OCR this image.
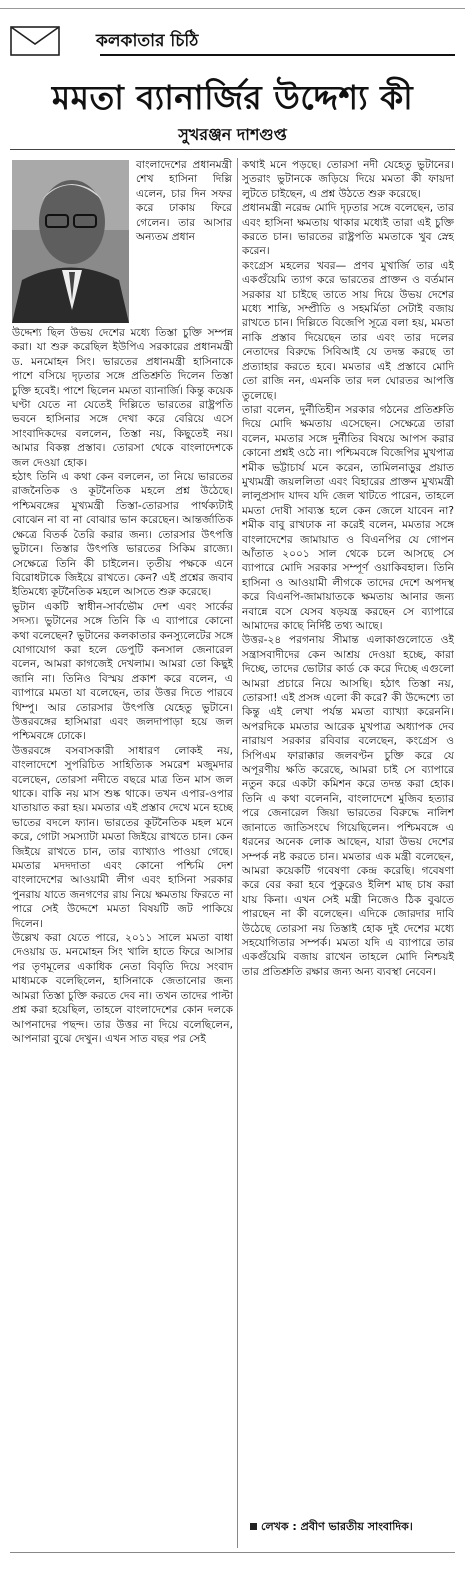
কলকাতার চিঠি
মমতা ব্যানার্জির উদ্দেশ্য কী
সুখরঞ্জন দাশগুপ্ত

বাংলাদেশের প্রধানমন্ত্রী শেখ হাসিনা দিল্লি এলেন, চার দিন সফর করে ঢাকায় ফিরে গেলেন। তার আসার অন্যতম প্রধান

উদ্দেশ্য ছিল উভয় দেশের মধ্যে তিস্তা চুক্তি সম্পন্ন করা। যা শুরু করেছিল ইউপিএ সরকারের প্রধানমন্ত্রী ড. মনমোহন সিং। ভারতের প্রধানমন্ত্রী হাসিনাকে পাশে বসিয়ে দৃঢ়তার সঙ্গে প্রতিশ্রুতি দিলেন তিস্তা চুক্তি হবেই। পাশে ছিলেন মমতা ব্যানার্জি। কিন্তু কয়েক ঘণ্টা যেতে না যেতেই দিল্লিতে ভারতের রাষ্ট্রপতি ভবনে হাসিনার সঙ্গে দেখা করে বেরিয়ে এসে সাংবাদিকদের বললেন, তিস্তা নয়, কিছুতেই নয়। আমার বিকল্প প্রস্তাব। তোরসা থেকে বাংলাদেশকে জল দেওয়া হোক।

হঠাৎ তিনি এ কথা কেন বললেন, তা নিয়ে ভারতের রাজনৈতিক ও কূটনৈতিক মহলে প্রশ্ন উঠেছে। পশ্চিমবঙ্গের মুখ্যমন্ত্রী তিস্তা-তোরসার পার্থক্যটাই বোঝেন না বা না বোঝার ভান করেছেন। আন্তর্জাতিক ক্ষেত্রে বিতর্ক তৈরি করার জন্য। তোরসার উৎপত্তি ভুটানে। তিস্তার উৎপত্তি ভারতের সিকিম রাজ্যে। সেক্ষেত্রে তিনি কী চাইলেন। তৃতীয় পক্ষকে এনে বিরোধটাকে জিইয়ে রাখতে। কেন? এই প্রশ্নের জবাব ইতিমধ্যে কূটনৈতিক মহলে আসতে শুরু করেছে।

ভুটান একটি স্বাধীন-সার্বভৌম দেশ এবং সার্কের সদস্য। ভুটানের সঙ্গে তিনি কি এ ব্যাপারে কোনো কথা বলেছেন? ভুটানের কলকাতার কনস্যুলেটের সঙ্গে যোগাযোগ করা হলে ডেপুটি কনসাল জেনারেল বলেন, আমরা কাগজেই দেখলাম। আমরা তো কিছুই জানি না। তিনিও বিস্ময় প্রকাশ করে বলেন, এ ব্যাপারে মমতা যা বলেছেন, তার উত্তর দিতে পারবে থিম্পু। আর তোরসার উৎপত্তি যেহেতু ভুটানে। উত্তরবঙ্গের হাসিমারা এবং জলদাপাড়া হয়ে জল পশ্চিমবঙ্গে ঢোকে।

উত্তরবঙ্গে বসবাসকারী সাধারণ লোকই নয়, বাংলাদেশে সুপরিচিত সাহিত্যিক সমরেশ মজুমদার বলেছেন, তোরসা নদীতে বছরে মাত্র তিন মাস জল থাকে। বাকি নয় মাস শুষ্ক থাকে। তখন এপার-ওপার যাতায়াত করা হয়। মমতার এই প্রস্তাব দেখে মনে হচ্ছে ভাতের বদলে ফ্যান। ভারতের কূটনৈতিক মহল মনে করে, গোটা সমস্যাটা মমতা জিইয়ে রাখতে চান। কেন জিইয়ে রাখতে চান, তার ব্যাখ্যাও পাওয়া গেছে। মমতার মদদদাতা এবং কোনো পশ্চিমি দেশ বাংলাদেশের আওয়ামী লীগ এবং হাসিনা সরকার পুনরায় যাতে জনগণের রায় নিয়ে ক্ষমতায় ফিরতে না পারে সেই উদ্দেশে মমতা বিষয়টি জট পাকিয়ে দিলেন।

উল্লেখ করা যেতে পারে, ২০১১ সালে মমতা বাধা দেওয়ায় ড. মনমোহন সিং খালি হাতে ফিরে আসার পর তৃণমূলের একাধিক নেতা বিবৃতি দিয়ে সংবাদ মাধ্যমকে বলেছিলেন, হাসিনাকে জেতানোর জন্য আমরা তিস্তা চুক্তি করতে দেব না। তখন তাদের পাল্টা প্রশ্ন করা হয়েছিল, তাহলে বাংলাদেশের কোন দলকে আপনাদের পছন্দ। তার উত্তর না দিয়ে বলেছিলেন, আপনারা বুঝে দেখুন। এখন সাত বছর পর সেই

কথাই মনে পড়ছে। তোরসা নদী যেহেতু ভুটানের। সুতরাং ভুটানকে জড়িয়ে দিয়ে মমতা কী ফায়দা লুটতে চাইছেন, এ প্রশ্ন উঠতে শুরু করেছে।

প্রধানমন্ত্রী নরেন্দ্র মোদি দৃঢ়তার সঙ্গে বলেছেন, তার এবং হাসিনা ক্ষমতায় থাকার মধ্যেই তারা এই চুক্তি করতে চান। ভারতের রাষ্ট্রপতি মমতাকে খুব স্নেহ করেন।

কংগ্রেস মহলের খবর— প্রণব মুখার্জি তার এই একগুঁয়েমি ত্যাগ করে ভারতের প্রাক্তন ও বর্তমান সরকার যা চাইছে তাতে সায় দিয়ে উভয় দেশের মধ্যে শান্তি, সম্প্রীতি ও সহমর্মিতা সেটাই বজায় রাখতে চান। দিল্লিতে বিজেপি সূত্রে বলা হয়, মমতা নাকি প্রস্তাব দিয়েছেন তার এবং তার দলের নেতাদের বিরুদ্ধে সিবিআই যে তদন্ত করছে তা প্রত্যাহার করতে হবে। মমতার এই প্রস্তাবে মোদি তো রাজি নন, এমনকি তার দল ঘোরতর আপত্তি তুলেছে।

তারা বলেন, দুর্নীতিহীন সরকার গঠনের প্রতিশ্রুতি দিয়ে মোদি ক্ষমতায় এসেছেন। সেক্ষেত্রে তারা বলেন, মমতার সঙ্গে দুর্নীতির বিষয়ে আপস করার কোনো প্রশ্নই ওঠে না। পশ্চিমবঙ্গে বিজেপির মুখপাত্র শমীক ভট্টাচার্য মনে করেন, তামিলনাড়ুর প্রয়াত মুখ্যমন্ত্রী জয়ললিতা এবং বিহারের প্রাক্তন মুখ্যমন্ত্রী লালুপ্রসাদ যাদব যদি জেল খাটতে পারেন, তাহলে মমতা দোষী সাব্যস্ত হলে কেন জেলে যাবেন না? শমীক বাবু রাখঢাক না করেই বলেন, মমতার সঙ্গে বাংলাদেশের জামায়াত ও বিএনপির যে গোপন আঁতাত ২০০১ সাল থেকে চলে আসছে সে ব্যাপারে মোদি সরকার সম্পূর্ণ ওয়াকিবহাল। তিনি হাসিনা ও আওয়ামী লীগকে তাদের দেশে অপদস্থ করে বিএনপি-জামায়াতকে ক্ষমতায় আনার জন্য নবান্নে বসে যেসব ষড়যন্ত্র করছেন সে ব্যাপারে আমাদের কাছে নির্দিষ্ট তথ্য আছে।

উত্তর-২৪ পরগনায় সীমান্ত এলাকাগুলোতে ওই সন্ত্রাসবাদীদের কেন আশ্রয় দেওয়া হচ্ছে, কারা দিচ্ছে, তাদের ভোটার কার্ড কে করে দিচ্ছে এগুলো আমরা প্রচারে নিয়ে আসছি। হঠাৎ তিস্তা নয়, তোরসা! এই প্রসঙ্গ এলো কী করে? কী উদ্দেশ্যে তা কিন্তু এই লেখা পর্যন্ত মমতা ব্যাখ্যা করেননি। অপরদিকে মমতার আরেক মুখপাত্র অধ্যাপক দেব নারায়ণ সরকার রবিবার বলেছেন, কংগ্রেস ও সিপিএম ফারাক্কার জলবণ্টন চুক্তি করে যে অপূরণীয় ক্ষতি করেছে, আমরা চাই সে ব্যাপারে নতুন করে একটা কমিশন করে তদন্ত করা হোক। তিনি এ কথা বলেননি, বাংলাদেশে মুজিব হত্যার পরে জেনারেল জিয়া ভারতের বিরুদ্ধে নালিশ জানাতে জাতিসংঘে গিয়েছিলেন। পশ্চিমবঙ্গে এ ধরনের অনেক লোক আছেন, যারা উভয় দেশের সম্পর্ক নষ্ট করতে চান। মমতার এক মন্ত্রী বলেছেন, আমরা কয়েকটি গবেষণা কেন্দ্র করেছি। গবেষণা করে বের করা হবে পুকুরেও ইলিশ মাছ চাষ করা যায় কিনা। এখন সেই মন্ত্রী নিজেও ঠিক বুঝতে পারছেন না কী বলেছেন। এদিকে জোরদার দাবি উঠেছে তোরসা নয় তিস্তাই হোক দুই দেশের মধ্যে সহযোগিতার সম্পর্ক। মমতা যদি এ ব্যাপারে তার একগুঁয়েমি বজায় রাখেন তাহলে মোদি নিশ্চয়ই তার প্রতিশ্রুতি রক্ষার জন্য অন্য ব্যবস্থা নেবেন।

লেখক : প্রবীণ ভারতীয় সাংবাদিক।
